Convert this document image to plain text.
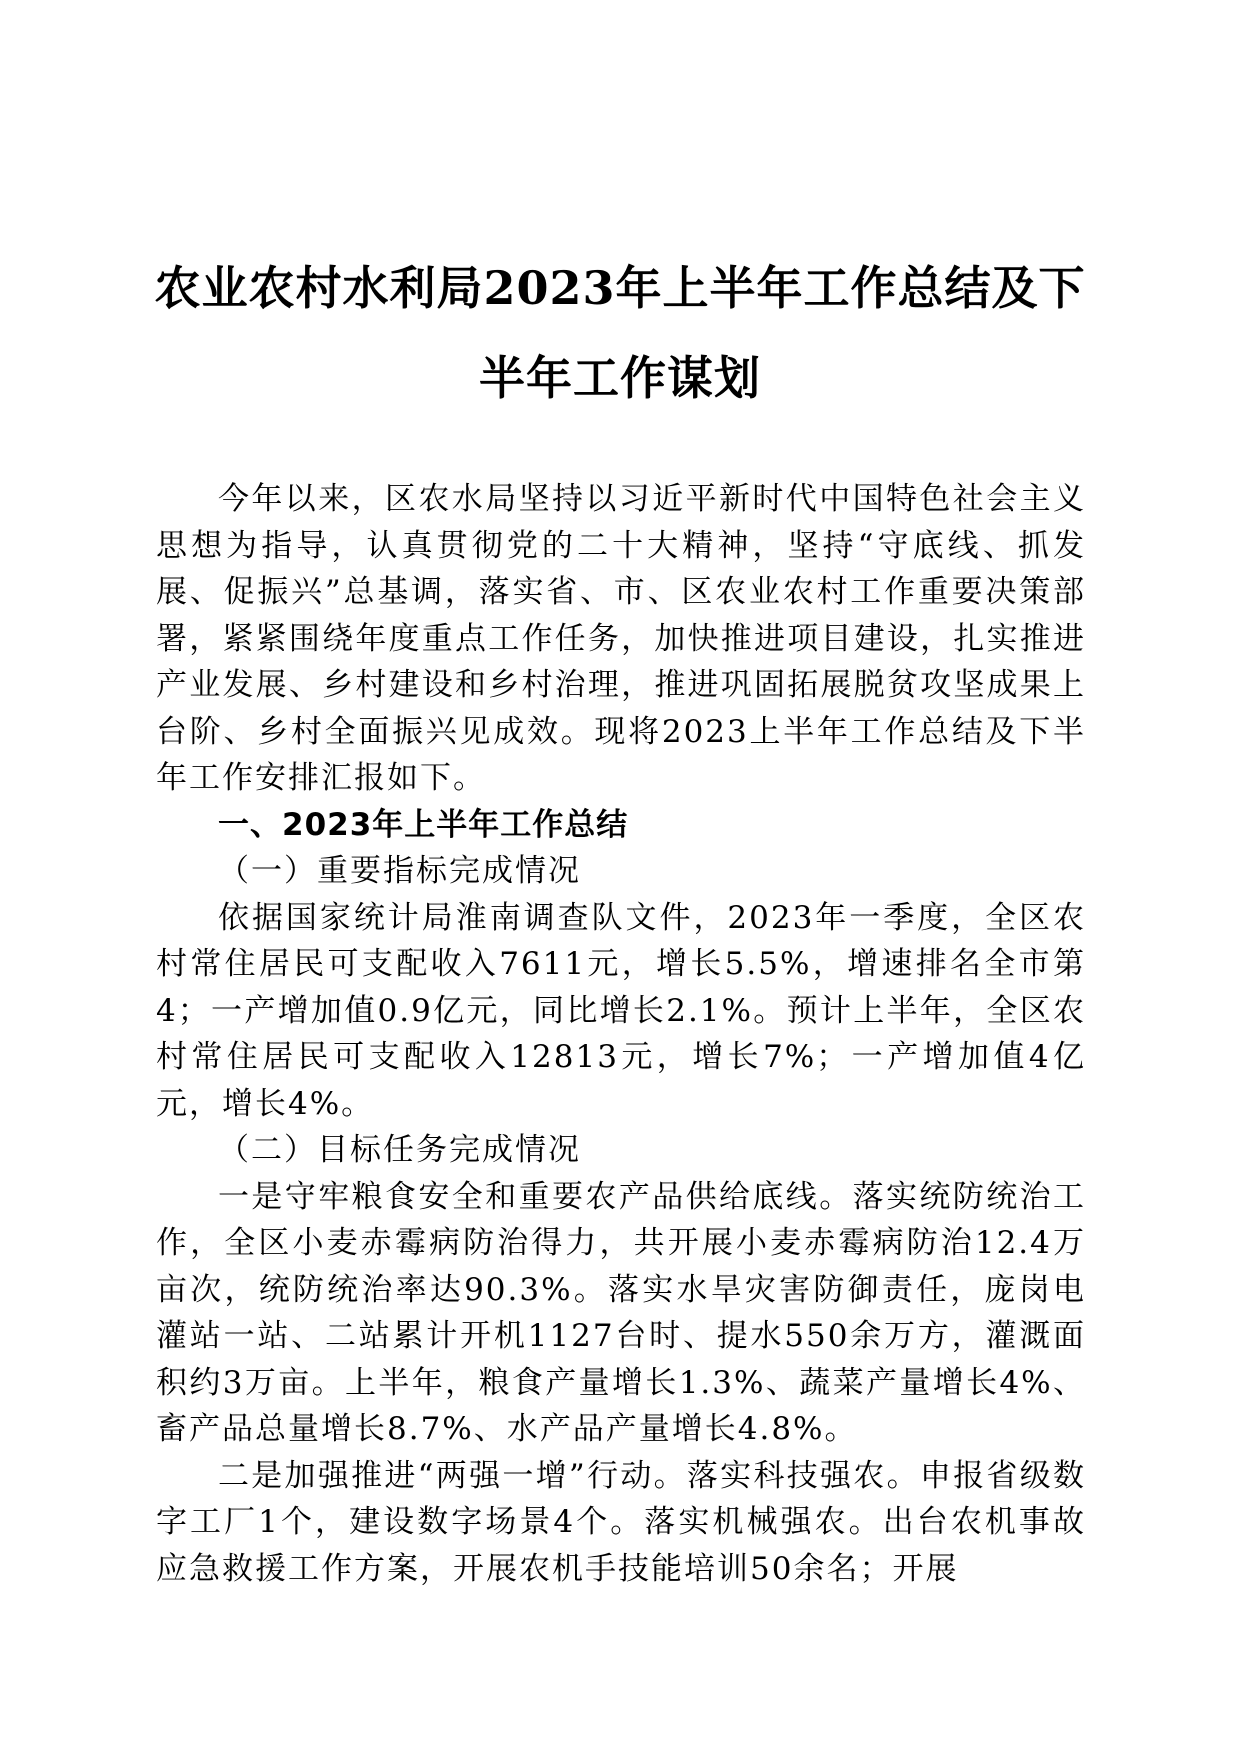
农业农村水利局2023年上半年工作总结及下
半年工作谋划

今年以来，区农水局坚持以习近平新时代中国特色社会主义思想为指导，认真贯彻党的二十大精神，坚持“守底线、抓发展、促振兴”总基调，落实省、市、区农业农村工作重要决策部署，紧紧围绕年度重点工作任务，加快推进项目建设，扎实推进产业发展、乡村建设和乡村治理，推进巩固拓展脱贫攻坚成果上台阶、乡村全面振兴见成效。现将2023上半年工作总结及下半年工作安排汇报如下。

一、2023年上半年工作总结

（一）重要指标完成情况

依据国家统计局淮南调查队文件，2023年一季度，全区农村常住居民可支配收入7611元，增长5.5%，增速排名全市第4；一产增加值0.9亿元，同比增长2.1%。预计上半年，全区农村常住居民可支配收入12813元，增长7%；一产增加值4亿元，增长4%。

（二）目标任务完成情况

一是守牢粮食安全和重要农产品供给底线。落实统防统治工作，全区小麦赤霉病防治得力，共开展小麦赤霉病防治12.4万亩次，统防统治率达90.3%。落实水旱灾害防御责任，庞岗电灌站一站、二站累计开机1127台时、提水550余万方，灌溉面积约3万亩。上半年，粮食产量增长1.3%、蔬菜产量增长4%、畜产品总量增长8.7%、水产品产量增长4.8%。

二是加强推进“两强一增”行动。落实科技强农。申报省级数字工厂1个，建设数字场景4个。落实机械强农。出台农机事故应急救援工作方案，开展农机手技能培训50余名；开展
